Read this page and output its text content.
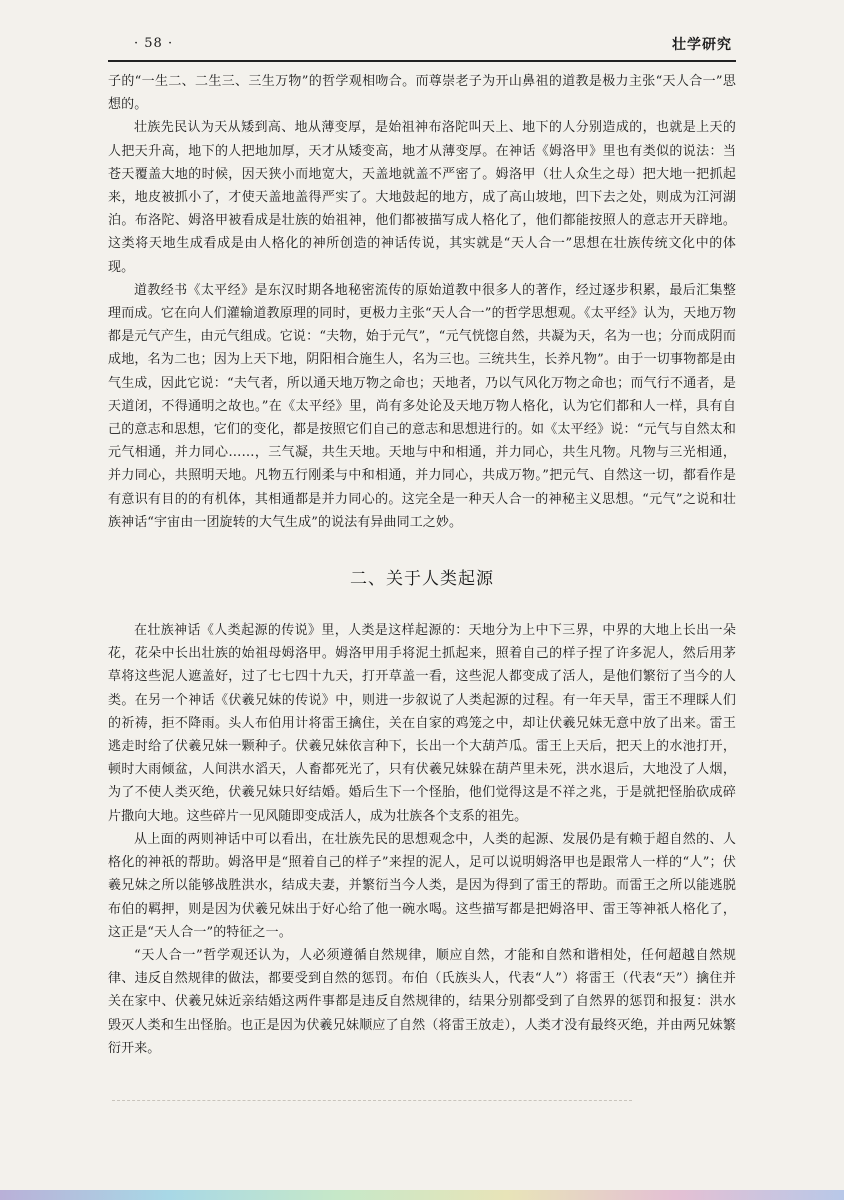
· 58 ·	壮学研究

子的“一生二、二生三、三生万物”的哲学观相吻合。而尊崇老子为开山鼻祖的道教是极力主张“天人合一”思想的。

壮族先民认为天从矮到高、地从薄变厚，是始祖神布洛陀叫天上、地下的人分别造成的，也就是上天的人把天升高，地下的人把地加厚，天才从矮变高，地才从薄变厚。在神话《姆洛甲》里也有类似的说法：当苍天覆盖大地的时候，因天狭小而地宽大，天盖地就盖不严密了。姆洛甲（壮人众生之母）把大地一把抓起来，地皮被抓小了，才使天盖地盖得严实了。大地鼓起的地方，成了高山坡地，凹下去之处，则成为江河湖泊。布洛陀、姆洛甲被看成是壮族的始祖神，他们都被描写成人格化了，他们都能按照人的意志开天辟地。这类将天地生成看成是由人格化的神所创造的神话传说，其实就是“天人合一”思想在壮族传统文化中的体现。

道教经书《太平经》是东汉时期各地秘密流传的原始道教中很多人的著作，经过逐步积累，最后汇集整理而成。它在向人们灌输道教原理的同时，更极力主张“天人合一”的哲学思想观。《太平经》认为，天地万物都是元气产生，由元气组成。它说：“夫物，始于元气”，“元气恍惚自然，共凝为天，名为一也；分而成阴而成地，名为二也；因为上天下地，阴阳相合施生人，名为三也。三统共生，长养凡物”。由于一切事物都是由气生成，因此它说：“夫气者，所以通天地万物之命也；天地者，乃以气风化万物之命也；而气行不通者，是天道闭，不得通明之故也。”在《太平经》里，尚有多处论及天地万物人格化，认为它们都和人一样，具有自己的意志和思想，它们的变化，都是按照它们自己的意志和思想进行的。如《太平经》说：“元气与自然太和元气相通，并力同心……，三气凝，共生天地。天地与中和相通，并力同心，共生凡物。凡物与三光相通，并力同心，共照明天地。凡物五行刚柔与中和相通，并力同心，共成万物。”把元气、自然这一切，都看作是有意识有目的的有机体，其相通都是并力同心的。这完全是一种天人合一的神秘主义思想。“元气”之说和壮族神话“宇宙由一团旋转的大气生成”的说法有异曲同工之妙。

二、关于人类起源

在壮族神话《人类起源的传说》里，人类是这样起源的：天地分为上中下三界，中界的大地上长出一朵花，花朵中长出壮族的始祖母姆洛甲。姆洛甲用手将泥土抓起来，照着自己的样子捏了许多泥人，然后用茅草将这些泥人遮盖好，过了七七四十九天，打开草盖一看，这些泥人都变成了活人，是他们繁衍了当今的人类。在另一个神话《伏羲兄妹的传说》中，则进一步叙说了人类起源的过程。有一年天旱，雷王不理睬人们的祈祷，拒不降雨。头人布伯用计将雷王擒住，关在自家的鸡笼之中，却让伏羲兄妹无意中放了出来。雷王逃走时给了伏羲兄妹一颗种子。伏羲兄妹依言种下，长出一个大葫芦瓜。雷王上天后，把天上的水池打开，顿时大雨倾盆，人间洪水滔天，人畜都死光了，只有伏羲兄妹躲在葫芦里未死，洪水退后，大地没了人烟，为了不使人类灭绝，伏羲兄妹只好结婚。婚后生下一个怪胎，他们觉得这是不祥之兆，于是就把怪胎砍成碎片撒向大地。这些碎片一见风随即变成活人，成为壮族各个支系的祖先。

从上面的两则神话中可以看出，在壮族先民的思想观念中，人类的起源、发展仍是有赖于超自然的、人格化的神祇的帮助。姆洛甲是“照着自己的样子”来捏的泥人，足可以说明姆洛甲也是跟常人一样的“人”；伏羲兄妹之所以能够战胜洪水，结成夫妻，并繁衍当今人类，是因为得到了雷王的帮助。而雷王之所以能逃脱布伯的羁押，则是因为伏羲兄妹出于好心给了他一碗水喝。这些描写都是把姆洛甲、雷王等神祇人格化了，这正是“天人合一”的特征之一。

“天人合一”哲学观还认为，人必须遵循自然规律，顺应自然，才能和自然和谐相处，任何超越自然规律、违反自然规律的做法，都要受到自然的惩罚。布伯（氏族头人，代表“人”）将雷王（代表“天”）擒住并关在家中、伏羲兄妹近亲结婚这两件事都是违反自然规律的，结果分别都受到了自然界的惩罚和报复：洪水毁灭人类和生出怪胎。也正是因为伏羲兄妹顺应了自然（将雷王放走），人类才没有最终灭绝，并由两兄妹繁衍开来。
